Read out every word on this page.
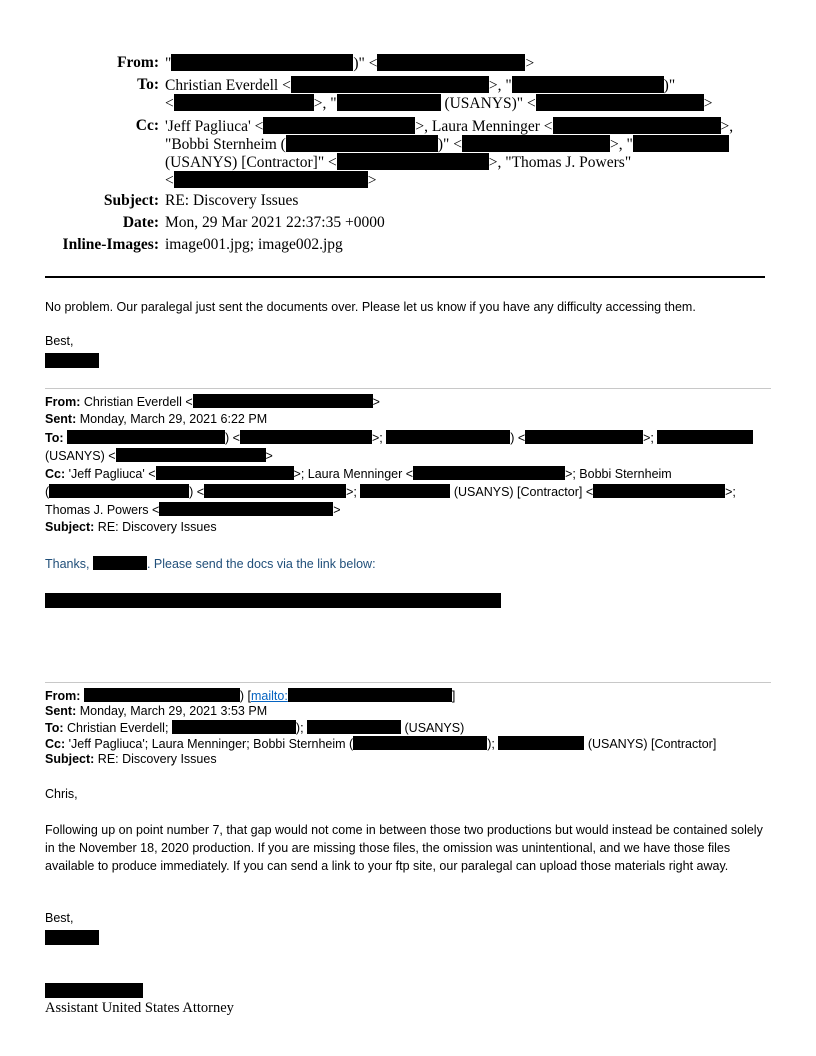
From: "	)" <	>
To: Christian Everdell <	>, "	)"
<	>, "	(USANYS)" <	>
Cc: 'Jeff Pagliuca' <	>, Laura Menninger <	>,
"Bobbi Sternheim (	)" <	>, "
(USANYS) [Contractor]" <	>, "Thomas J. Powers"
<	>
Subject: RE: Discovery Issues
Date: Mon, 29 Mar 2021 22:37:35 +0000
Inline-Images: image001.jpg; image002.jpg
No problem. Our paralegal just sent the documents over. Please let us know if you have any difficulty accessing them.
Best,
From: Christian Everdell <	>
Sent: Monday, March 29, 2021 6:22 PM
To:	) <	>;	) <	>;
(USANYS) <	>
Cc: 'Jeff Pagliuca' <	>; Laura Menninger <	>; Bobbi Sternheim
(	) <	>;	(USANYS) [Contractor] <	>;
Thomas J. Powers <	>
Subject: RE: Discovery Issues
Thanks,	. Please send the docs via the link below:
From:	) [mailto:	]
Sent: Monday, March 29, 2021 3:53 PM
To: Christian Everdell;	);	(USANYS)
Cc: 'Jeff Pagliuca'; Laura Menninger; Bobbi Sternheim (	);	(USANYS) [Contractor]
Subject: RE: Discovery Issues
Chris,
Following up on point number 7, that gap would not come in between those two productions but would instead be contained solely in the November 18, 2020 production. If you are missing those files, the omission was unintentional, and we have those files available to produce immediately. If you can send a link to your ftp site, our paralegal can upload those materials right away.
Best,
Assistant United States Attorney
